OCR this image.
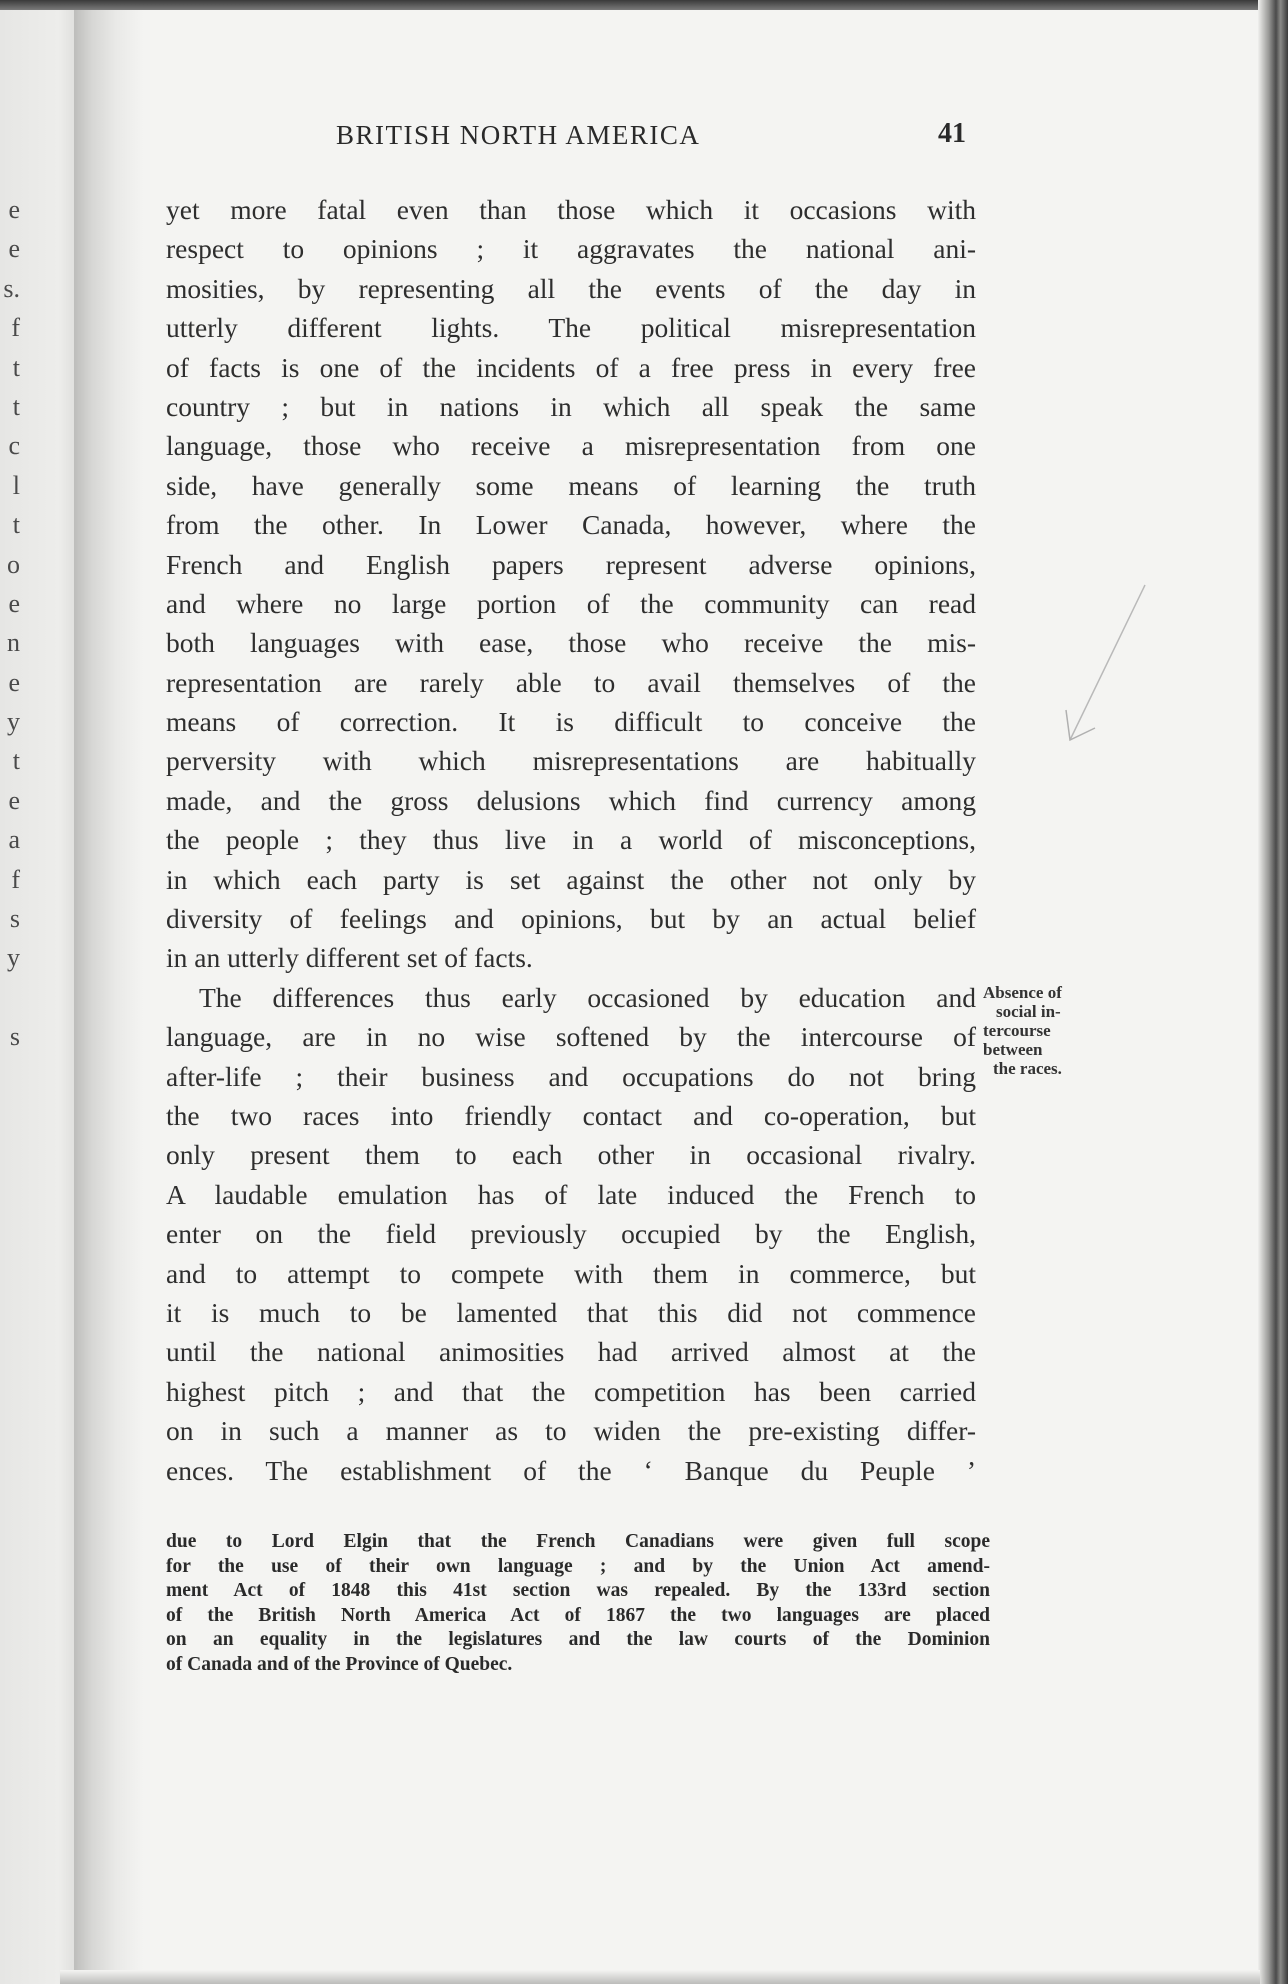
e
e
s.
f
t
t
c
l
t
o
e
n
e
y
t
e
a
f
s
y
s
BRITISH NORTH AMERICA	41
yet more fatal even than those which it occasions with
respect to opinions ; it aggravates the national ani-
mosities, by representing all the events of the day in
utterly different lights. The political misrepresentation
of facts is one of the incidents of a free press in every free
country ; but in nations in which all speak the same
language, those who receive a misrepresentation from one
side, have generally some means of learning the truth
from the other. In Lower Canada, however, where the
French and English papers represent adverse opinions,
and where no large portion of the community can read
both languages with ease, those who receive the mis-
representation are rarely able to avail themselves of the
means of correction. It is difficult to conceive the
perversity with which misrepresentations are habitually
made, and the gross delusions which find currency among
the people ; they thus live in a world of misconceptions,
in which each party is set against the other not only by
diversity of feelings and opinions, but by an actual belief
in an utterly different set of facts.
The differences thus early occasioned by education and
language, are in no wise softened by the intercourse of
after-life ; their business and occupations do not bring
the two races into friendly contact and co-operation, but
only present them to each other in occasional rivalry.
A laudable emulation has of late induced the French to
enter on the field previously occupied by the English,
and to attempt to compete with them in commerce, but
it is much to be lamented that this did not commence
until the national animosities had arrived almost at the
highest pitch ; and that the competition has been carried
on in such a manner as to widen the pre-existing differ-
ences. The establishment of the ‘ Banque du Peuple ’
Absence of
social in-
tercourse
between
the races.
due to Lord Elgin that the French Canadians were given full scope
for the use of their own language ; and by the Union Act amend-
ment Act of 1848 this 41st section was repealed. By the 133rd section
of the British North America Act of 1867 the two languages are placed
on an equality in the legislatures and the law courts of the Dominion
of Canada and of the Province of Quebec.
